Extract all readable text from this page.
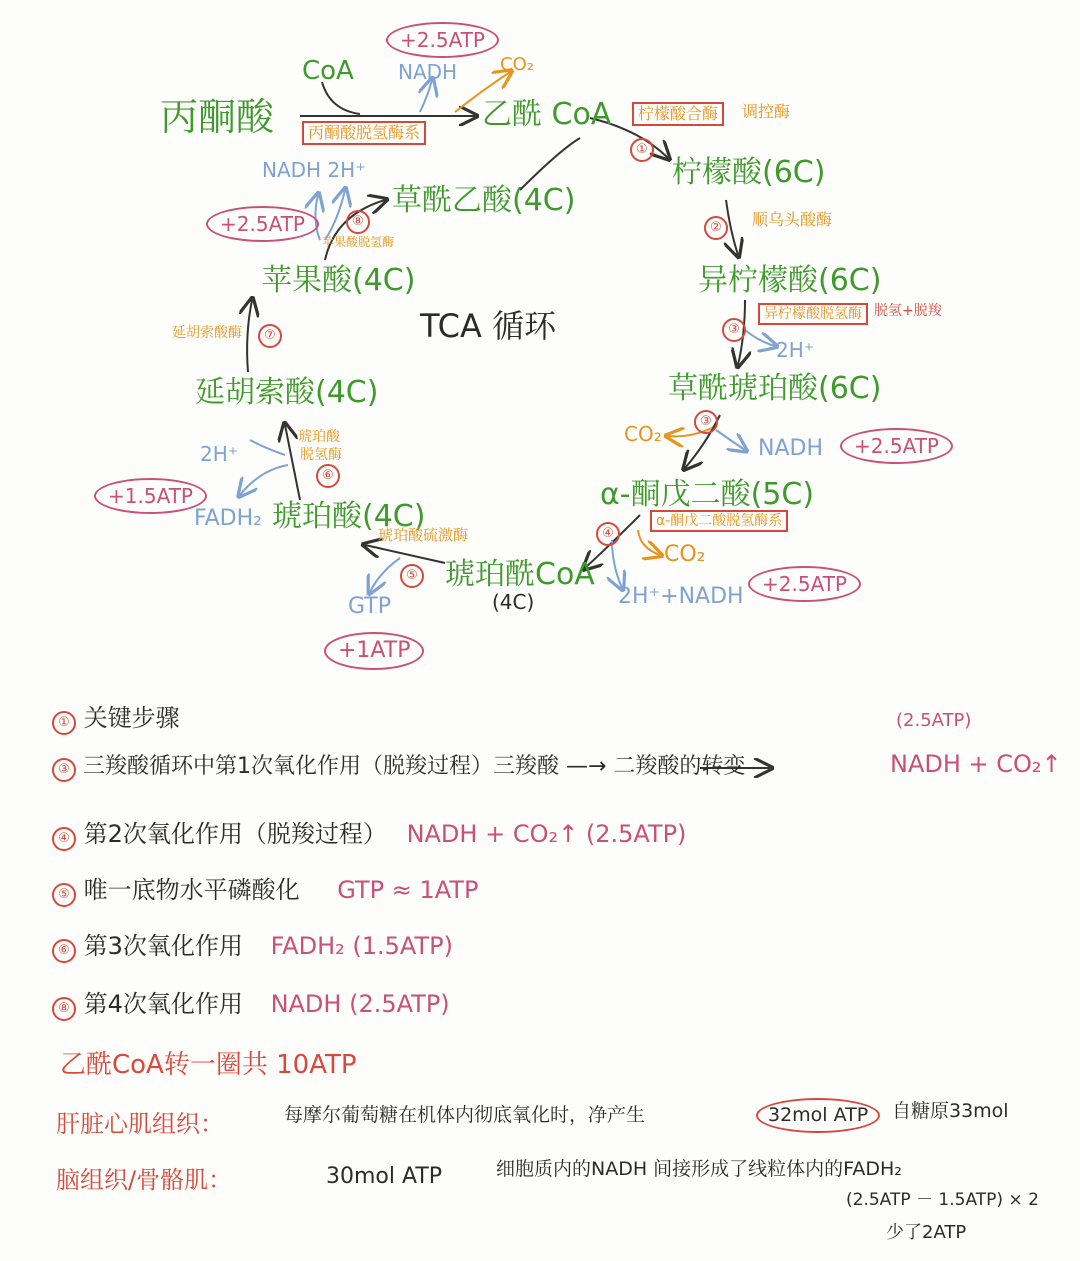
丙酮酸
CoA
乙酰 CoA
柠檬酸(6C)
异柠檬酸(6C)
草酰琥珀酸(6C)
α-酮戊二酸(5C)
琥珀酰CoA
(4C)
琥珀酸(4C)
延胡索酸(4C)
苹果酸(4C)
草酰乙酸(4C)
TCA 循环
丙酮酸脱氢酶系
柠檬酸合酶	调控酶
顺乌头酸酶
异柠檬酸脱氢酶 脱氢+脱羧
α-酮戊二酸脱氢酶系
琥珀酸硫激酶
琥珀酸
脱氢酶
延胡索酸酶
苹果酸脱氢酶
①
②
③
③
④
⑤
⑥
⑦
⑧
NADH CO₂
+2.5ATP
2H⁺
CO₂
NADH	+2.5ATP
CO₂
2H⁺+NADH +2.5ATP
GTP
+1ATP
2H⁺
FADH₂
+1.5ATP
NADH 2H⁺
+2.5ATP
① 关键步骤	(2.5ATP)
③ 三羧酸循环中第1次氧化作用（脱羧过程）三羧酸 —→ 二羧酸的转变	NADH + CO₂↑
④ 第2次氧化作用（脱羧过程） NADH + CO₂↑ (2.5ATP)
⑤ 唯一底物水平磷酸化 GTP ≈ 1ATP
⑥ 第3次氧化作用 FADH₂ (1.5ATP)
⑧ 第4次氧化作用 NADH (2.5ATP)
乙酰CoA转一圈共 10ATP
肝脏心肌组织：	每摩尔葡萄糖在机体内彻底氧化时，净产生	32mol ATP	自糖原33mol
脑组织/骨骼肌：	30mol ATP	细胞质内的NADH 间接形成了线粒体内的FADH₂
(2.5ATP － 1.5ATP) × 2
少了2ATP
